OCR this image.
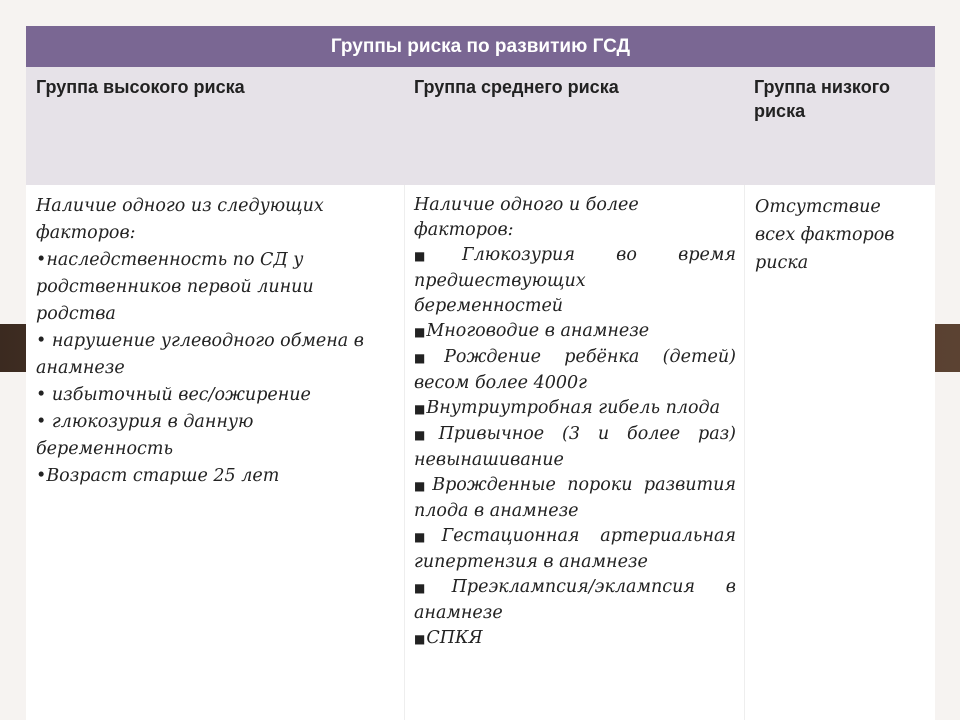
Группы риска по развитию ГСД
Группа высокого риска	Группа среднего риска	Группа низкого риска
Наличие одного из следующих факторов:
•наследственность по СД у родственников первой линии родства
• нарушение углеводного обмена в анамнезе
• избыточный вес/ожирение
• глюкозурия в данную беременность
•Возраст старше 25 лет
Наличие одного и более факторов:
■Глюкозурия во время предшествующих беременностей
■Многоводие в анамнезе
■Рождение ребёнка (детей) весом более 4000г
■Внутриутробная гибель плода
■Привычное (3 и более раз) невынашивание
■Врожденные пороки развития плода в анамнезе
■Гестационная артериальная гипертензия в анамнезе
■Преэклампсия/эклампсия в анамнезе
■СПКЯ
Отсутствие всех факторов риска
